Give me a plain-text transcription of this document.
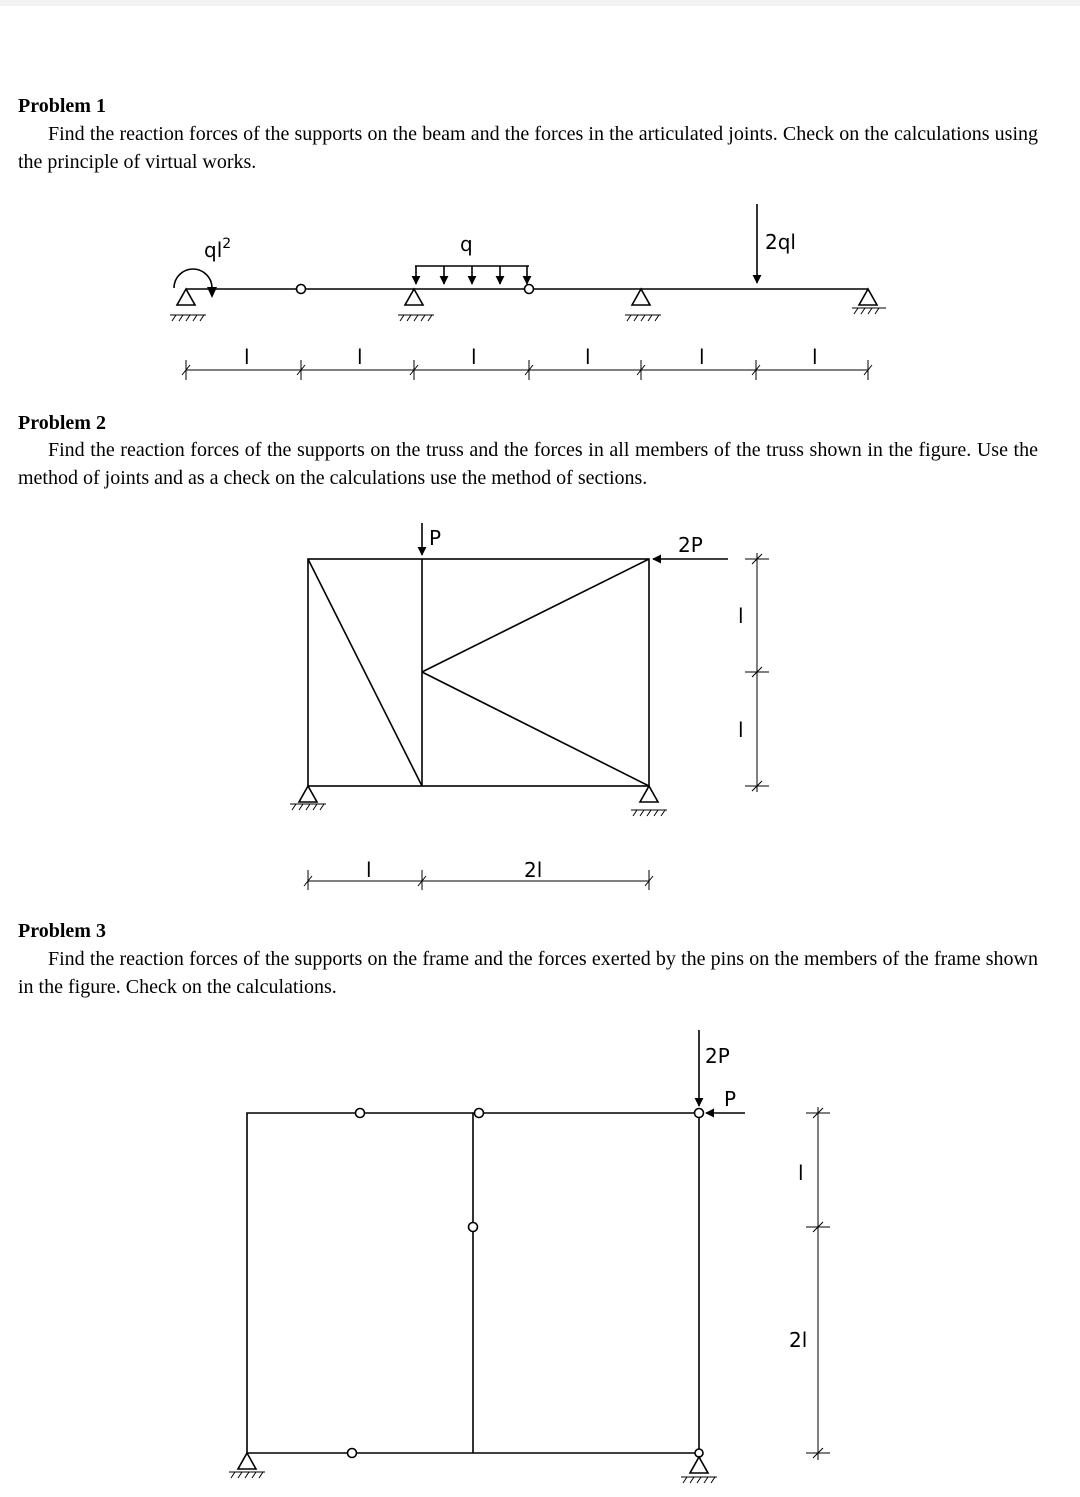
Problem 1

Find the reaction forces of the supports on the beam and the forces in the articulated joints. Check on the calculations using the principle of virtual works.

Problem 2

Find the reaction forces of the supports on the truss and the forces in all members of the truss shown in the figure. Use the method of joints and as a check on the calculations use the method of sections.

Problem 3

Find the reaction forces of the supports on the frame and the forces exerted by the pins on the members of the frame shown in the figure. Check on the calculations.

$ql^2$	q	2ql
l	l	l	l	l	l
P	2P
l
l
l	2l
2P
P
l
2l
